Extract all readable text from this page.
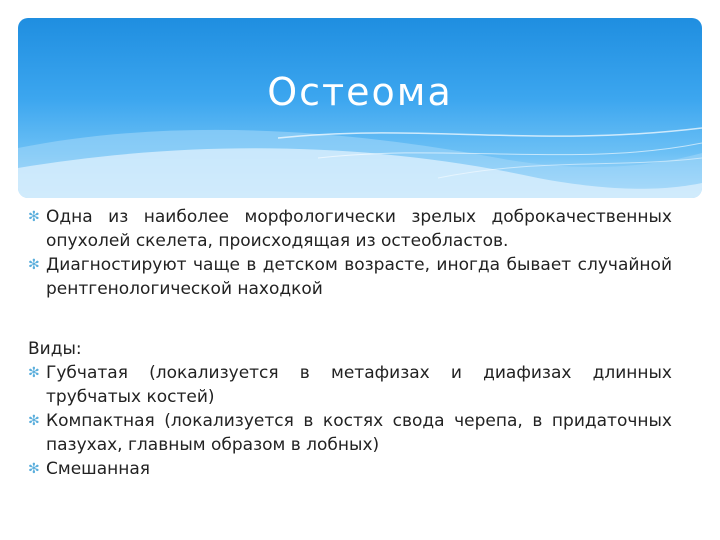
Остеома
✻ Одна из наиболее морфологически зрелых доброкачественных опухолей скелета, происходящая из остеобластов.
✻ Диагностируют чаще в детском возрасте, иногда бывает случайной рентгенологической находкой

Виды:

✻ Губчатая (локализуется в метафизах и диафизах длинных трубчатых костей)
✻ Компактная (локализуется в костях свода черепа, в придаточных пазухах, главным образом в лобных)
✻ Смешанная
